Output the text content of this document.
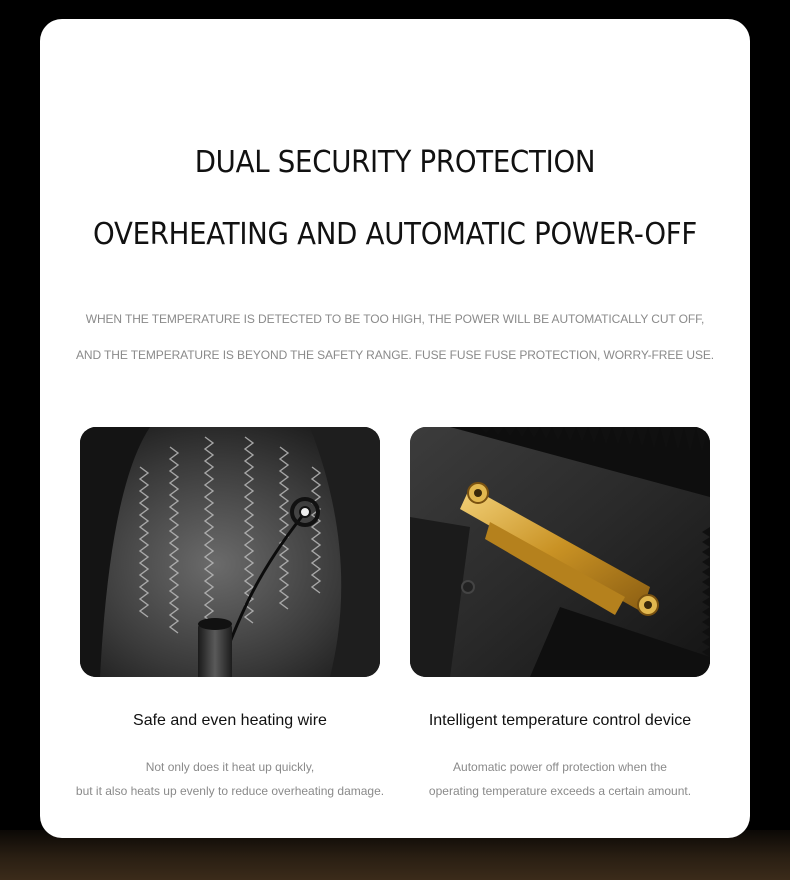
DUAL SECURITY PROTECTION
OVERHEATING AND AUTOMATIC POWER-OFF
WHEN THE TEMPERATURE IS DETECTED TO BE TOO HIGH, THE POWER WILL BE AUTOMATICALLY CUT OFF,
AND THE TEMPERATURE IS BEYOND THE SAFETY RANGE. FUSE FUSE FUSE PROTECTION, WORRY-FREE USE.
Safe and even heating wire	Intelligent temperature control device
Not only does it heat up quickly,
but it also heats up evenly to reduce overheating damage.
Automatic power off protection when the
operating temperature exceeds a certain amount.
